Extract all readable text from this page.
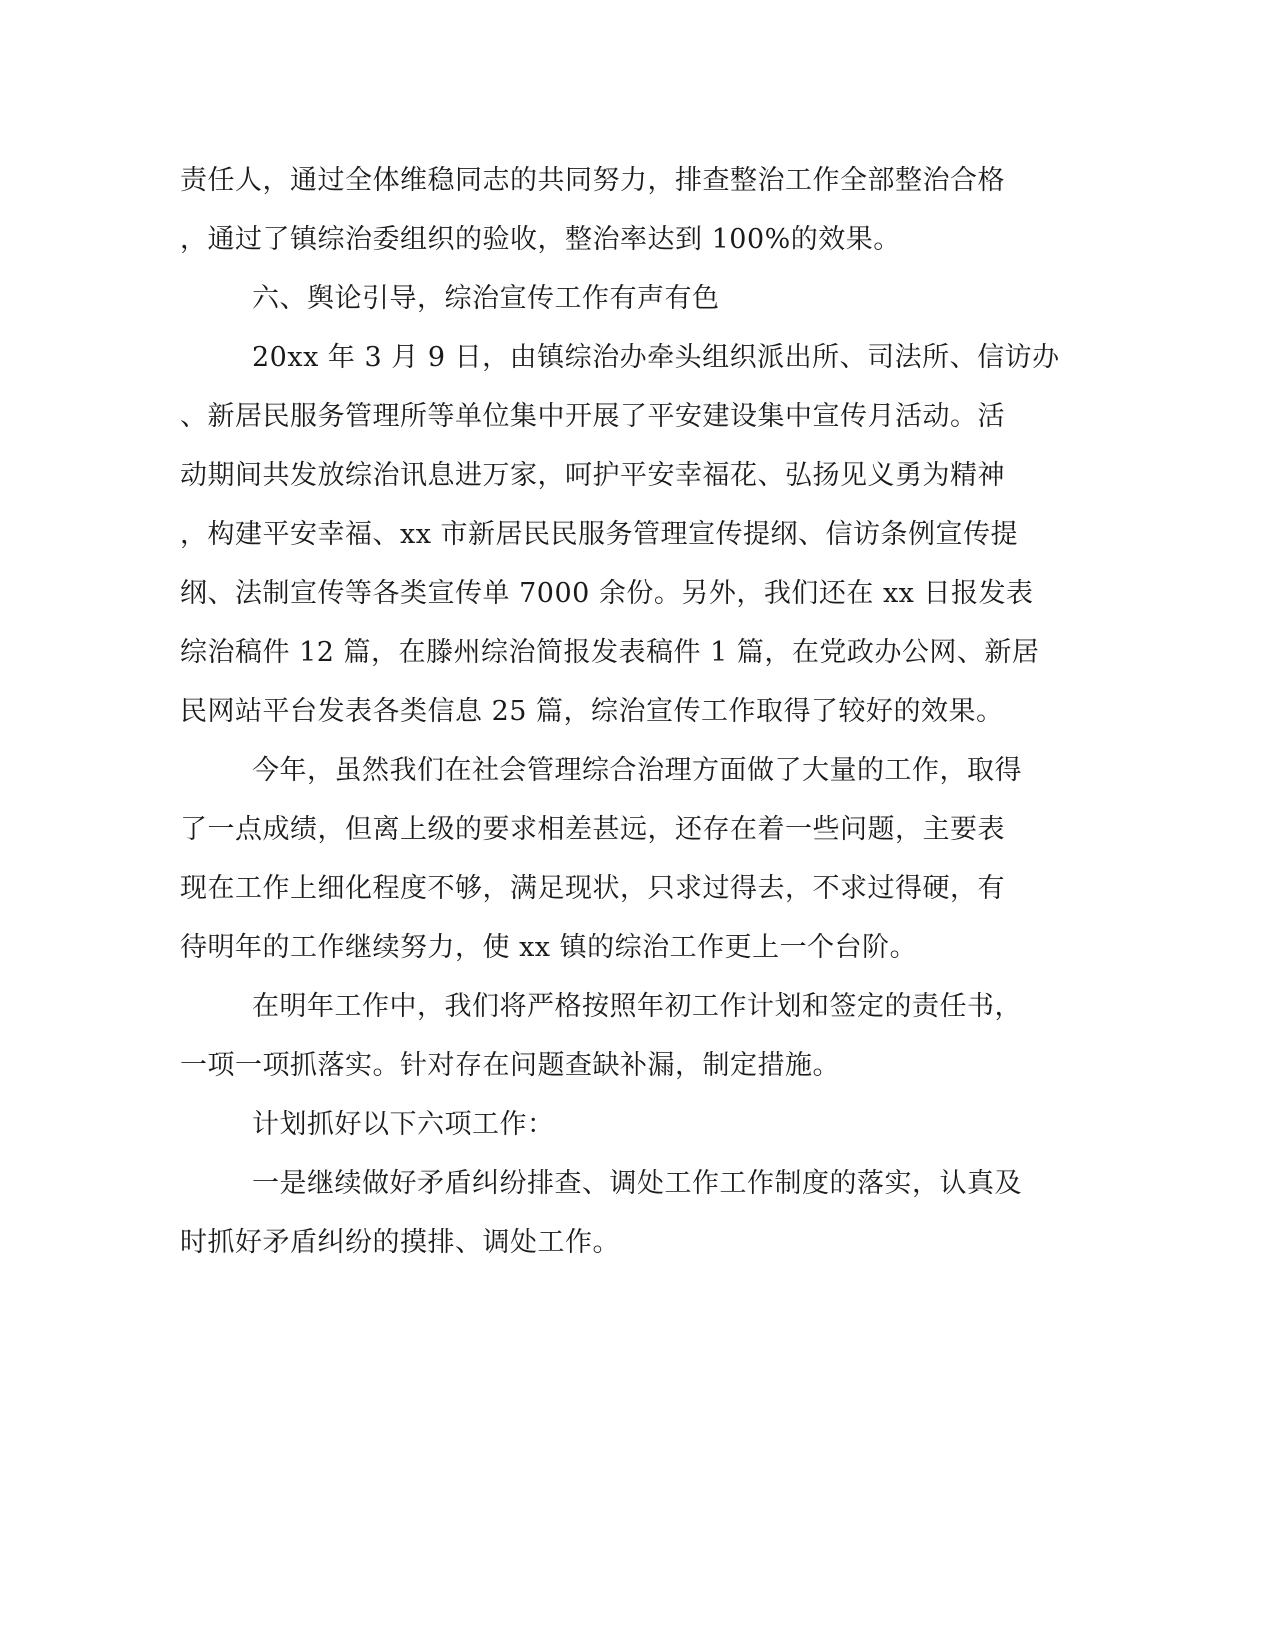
责任人，通过全体维稳同志的共同努力，排查整治工作全部整治合格
，通过了镇综治委组织的验收，整治率达到 100%的效果。
六、舆论引导，综治宣传工作有声有色
20xx 年 3 月 9 日，由镇综治办牵头组织派出所、司法所、信访办
、新居民服务管理所等单位集中开展了平安建设集中宣传月活动。活
动期间共发放综治讯息进万家，呵护平安幸福花、弘扬见义勇为精神
，构建平安幸福、xx 市新居民民服务管理宣传提纲、信访条例宣传提
纲、法制宣传等各类宣传单 7000 余份。另外，我们还在 xx 日报发表
综治稿件 12 篇，在滕州综治简报发表稿件 1 篇，在党政办公网、新居
民网站平台发表各类信息 25 篇，综治宣传工作取得了较好的效果。
今年，虽然我们在社会管理综合治理方面做了大量的工作，取得
了一点成绩，但离上级的要求相差甚远，还存在着一些问题，主要表
现在工作上细化程度不够，满足现状，只求过得去，不求过得硬，有
待明年的工作继续努力，使 xx 镇的综治工作更上一个台阶。
在明年工作中，我们将严格按照年初工作计划和签定的责任书，
一项一项抓落实。针对存在问题查缺补漏，制定措施。
计划抓好以下六项工作：
一是继续做好矛盾纠纷排查、调处工作工作制度的落实，认真及
时抓好矛盾纠纷的摸排、调处工作。
